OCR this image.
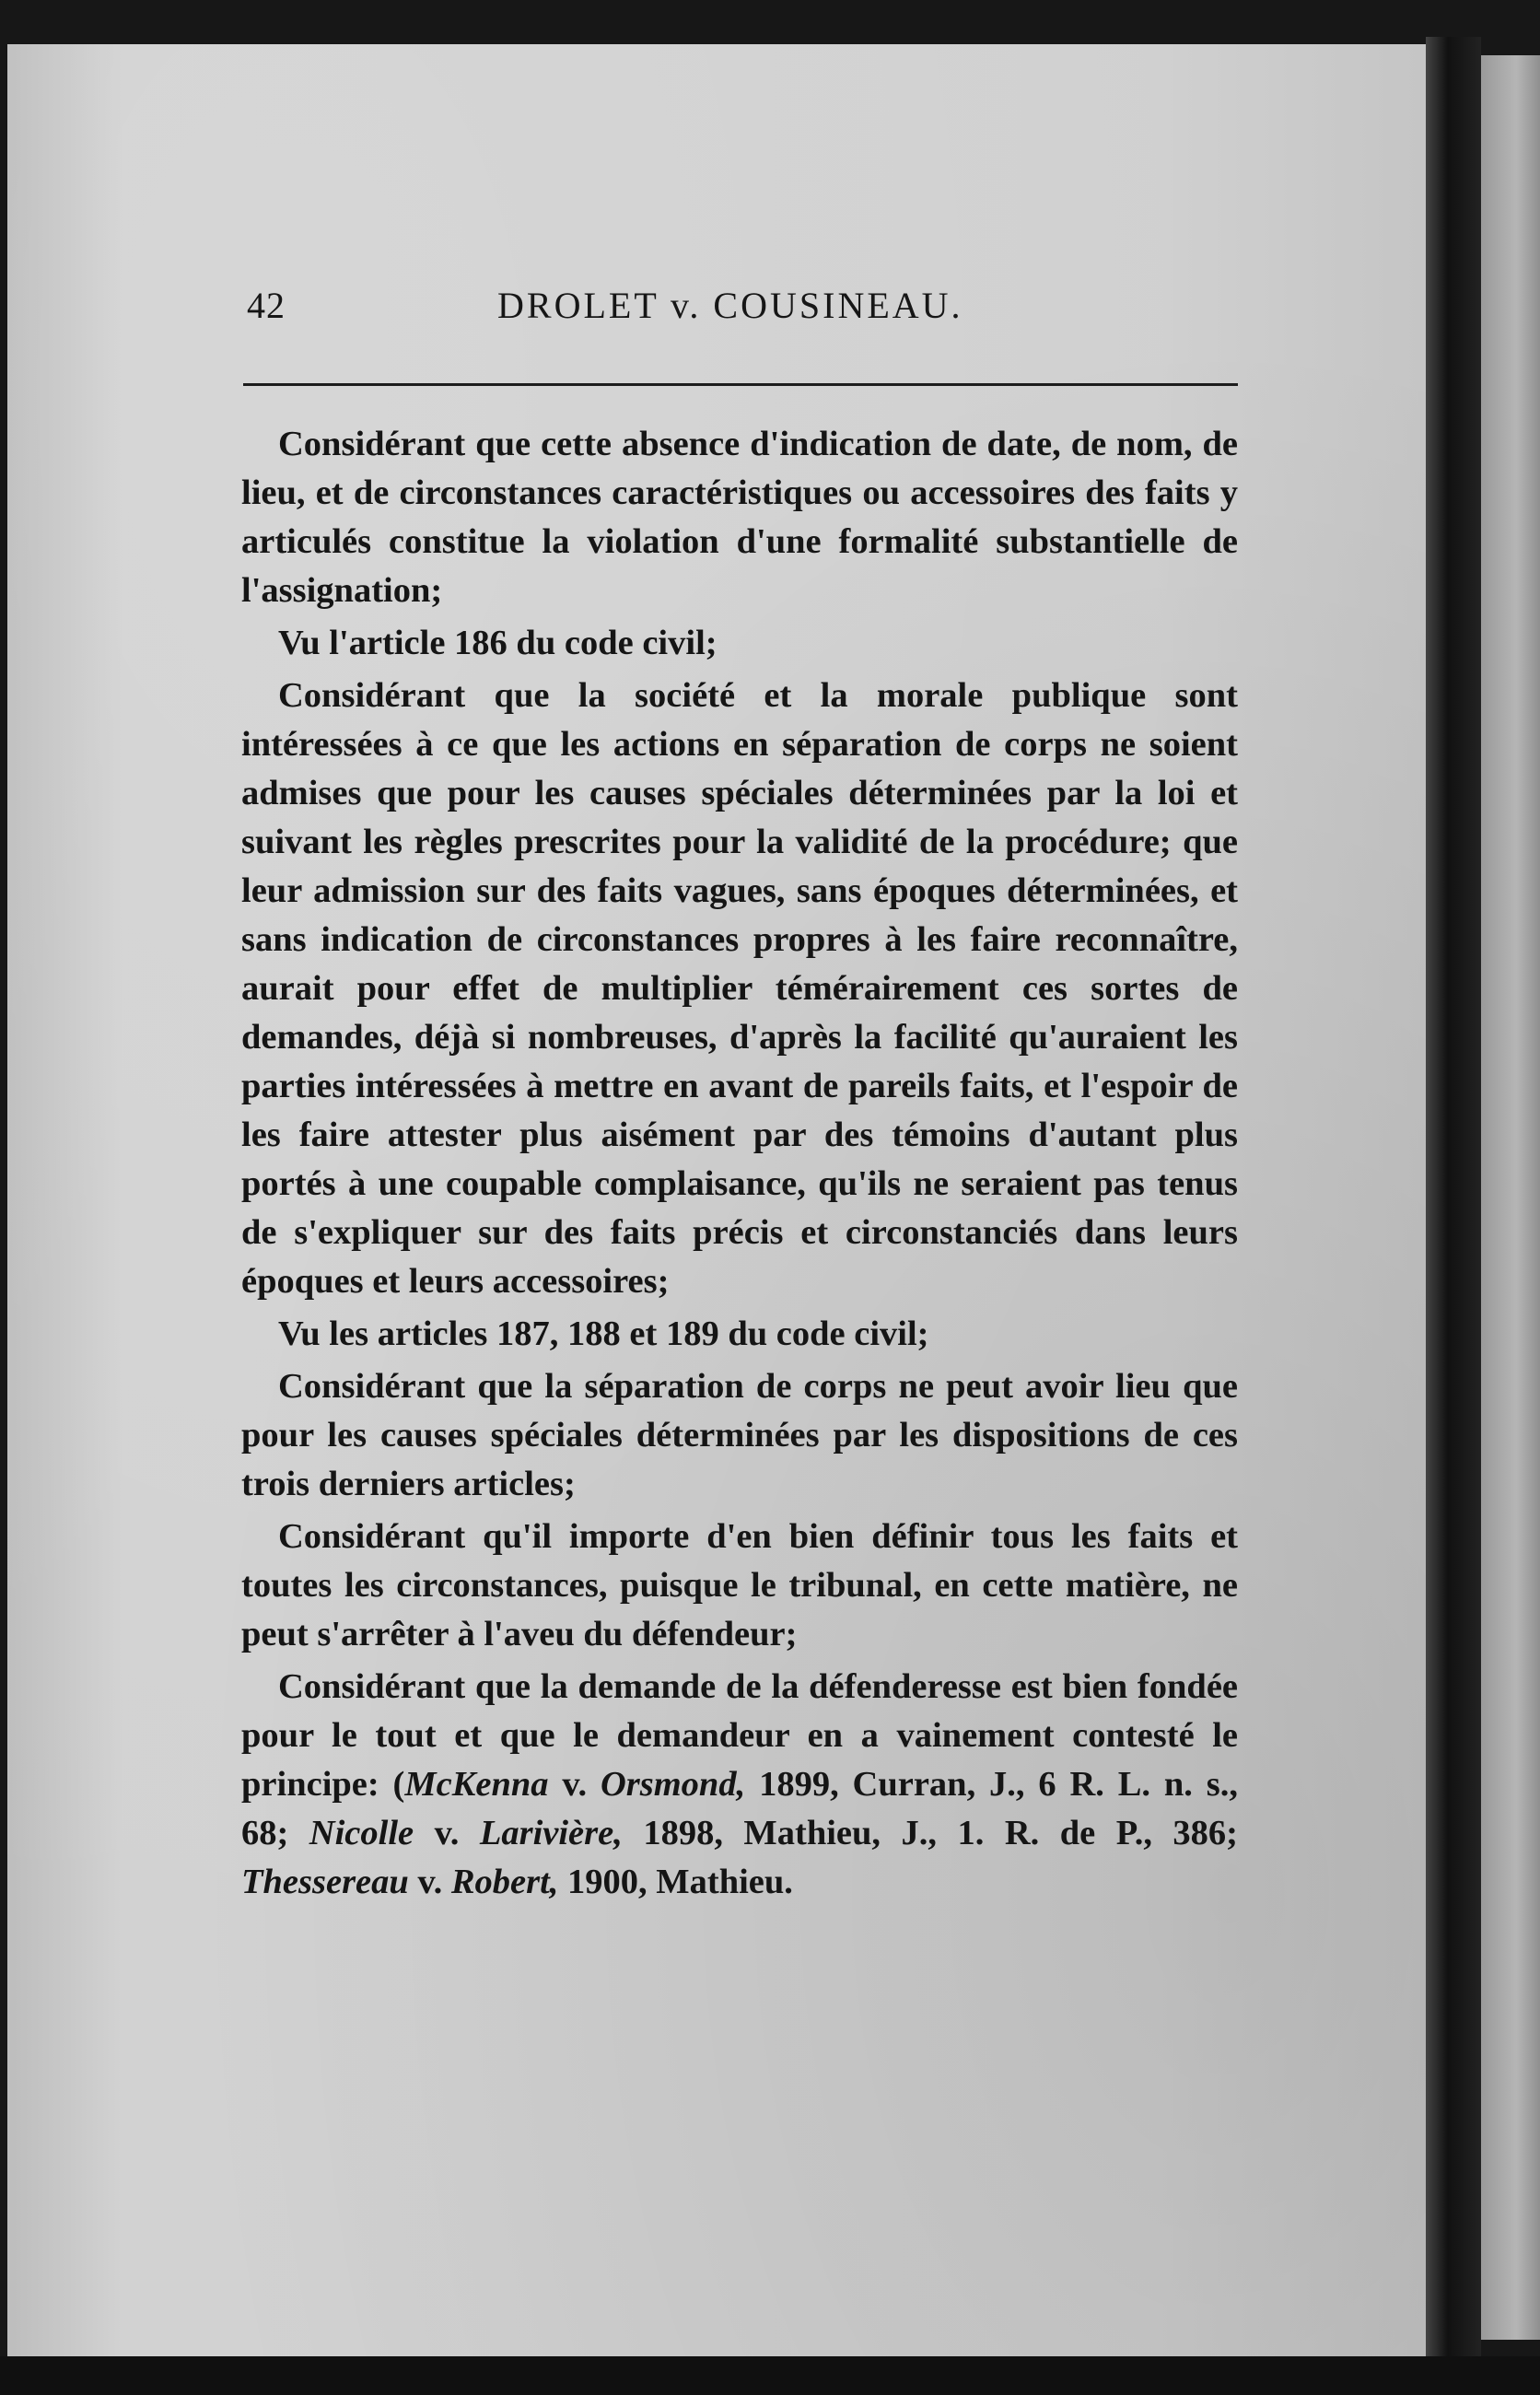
42	DROLET v. COUSINEAU.

Considérant que cette absence d'indication de date, de nom, de lieu, et de circonstances caractéristiques ou accessoires des faits y articulés constitue la violation d'une formalité substantielle de l'assignation;

Vu l'article 186 du code civil;

Considérant que la société et la morale publique sont intéressées à ce que les actions en séparation de corps ne soient admises que pour les causes spéciales déterminées par la loi et suivant les règles prescrites pour la validité de la procédure; que leur admission sur des faits vagues, sans époques déterminées, et sans indication de circonstances propres à les faire reconnaître, aurait pour effet de multiplier témérairement ces sortes de demandes, déjà si nombreuses, d'après la facilité qu'auraient les parties intéressées à mettre en avant de pareils faits, et l'espoir de les faire attester plus aisément par des témoins d'autant plus portés à une coupable complaisance, qu'ils ne seraient pas tenus de s'expliquer sur des faits précis et circonstanciés dans leurs époques et leurs accessoires;

Vu les articles 187, 188 et 189 du code civil;

Considérant que la séparation de corps ne peut avoir lieu que pour les causes spéciales déterminées par les dispositions de ces trois derniers articles;

Considérant qu'il importe d'en bien définir tous les faits et toutes les circonstances, puisque le tribunal, en cette matière, ne peut s'arrêter à l'aveu du défendeur;

Considérant que la demande de la défenderesse est bien fondée pour le tout et que le demandeur en a vainement contesté le principe: (McKenna v. Orsmond, 1899, Curran, J., 6 R. L. n. s., 68; Nicolle v. Larivière, 1898, Mathieu, J., 1. R. de P., 386; Thessereau v. Robert, 1900, Mathieu.
